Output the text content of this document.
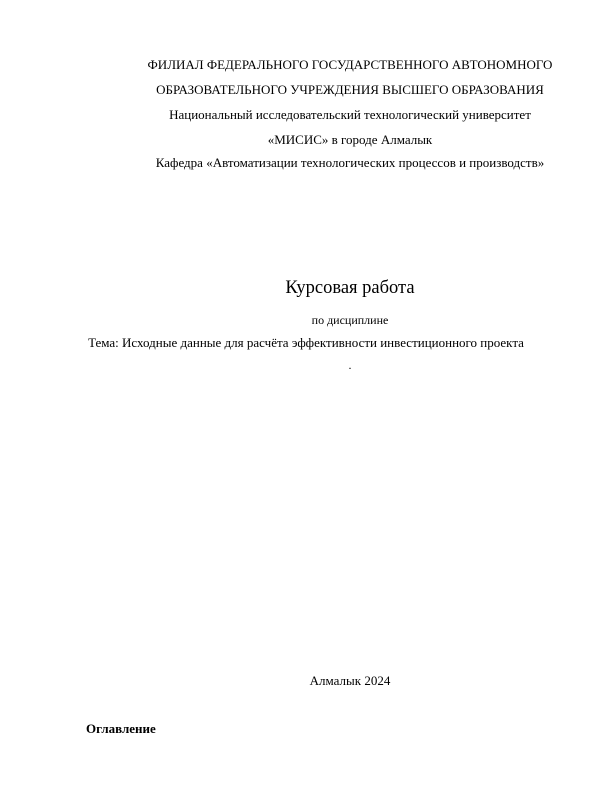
ФИЛИАЛ ФЕДЕРАЛЬНОГО ГОСУДАРСТВЕННОГО АВТОНОМНОГО
ОБРАЗОВАТЕЛЬНОГО УЧРЕЖДЕНИЯ ВЫСШЕГО ОБРАЗОВАНИЯ
Национальный исследовательский технологический университет
«МИСИС» в городе Алмалык
Кафедра «Автоматизации технологических процессов и производств»
Курсовая работа
по дисциплине
Тема: Исходные данные для расчёта эффективности инвестиционного проекта
.
Алмалык 2024
Оглавление
